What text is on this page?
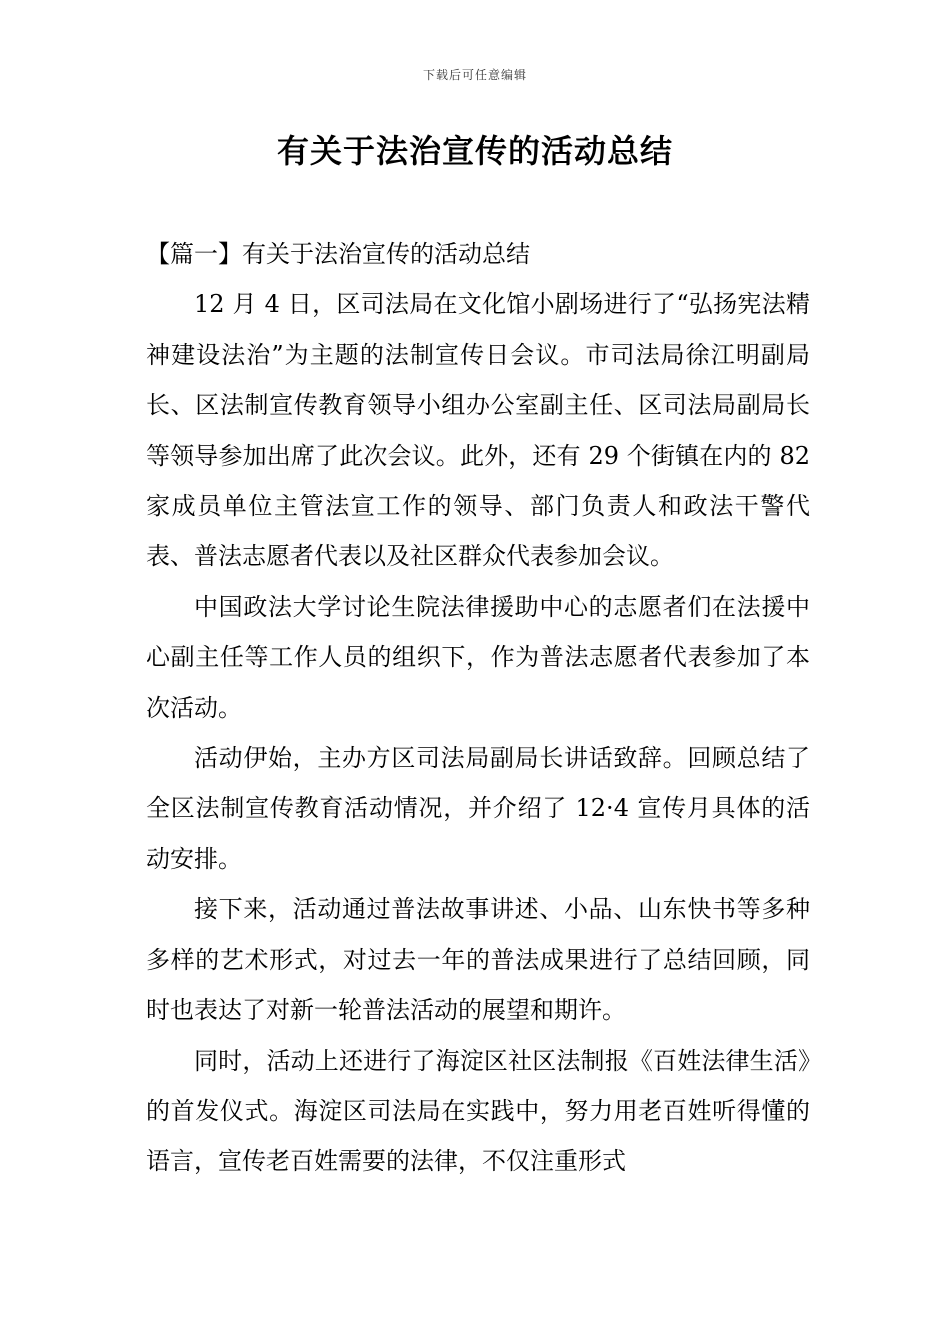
下载后可任意编辑
有关于法治宣传的活动总结

【篇一】有关于法治宣传的活动总结

12 月 4 日，区司法局在文化馆小剧场进行了“弘扬宪法精神建设法治”为主题的法制宣传日会议。市司法局徐江明副局长、区法制宣传教育领导小组办公室副主任、区司法局副局长等领导参加出席了此次会议。此外，还有 29 个街镇在内的 82 家成员单位主管法宣工作的领导、部门负责人和政法干警代表、普法志愿者代表以及社区群众代表参加会议。

中国政法大学讨论生院法律援助中心的志愿者们在法援中心副主任等工作人员的组织下，作为普法志愿者代表参加了本次活动。

活动伊始，主办方区司法局副局长讲话致辞。回顾总结了全区法制宣传教育活动情况，并介绍了 12·4 宣传月具体的活动安排。

接下来，活动通过普法故事讲述、小品、山东快书等多种多样的艺术形式，对过去一年的普法成果进行了总结回顾，同时也表达了对新一轮普法活动的展望和期许。

同时，活动上还进行了海淀区社区法制报《百姓法律生活》的首发仪式。海淀区司法局在实践中，努力用老百姓听得懂的语言，宣传老百姓需要的法律，不仅注重形式
